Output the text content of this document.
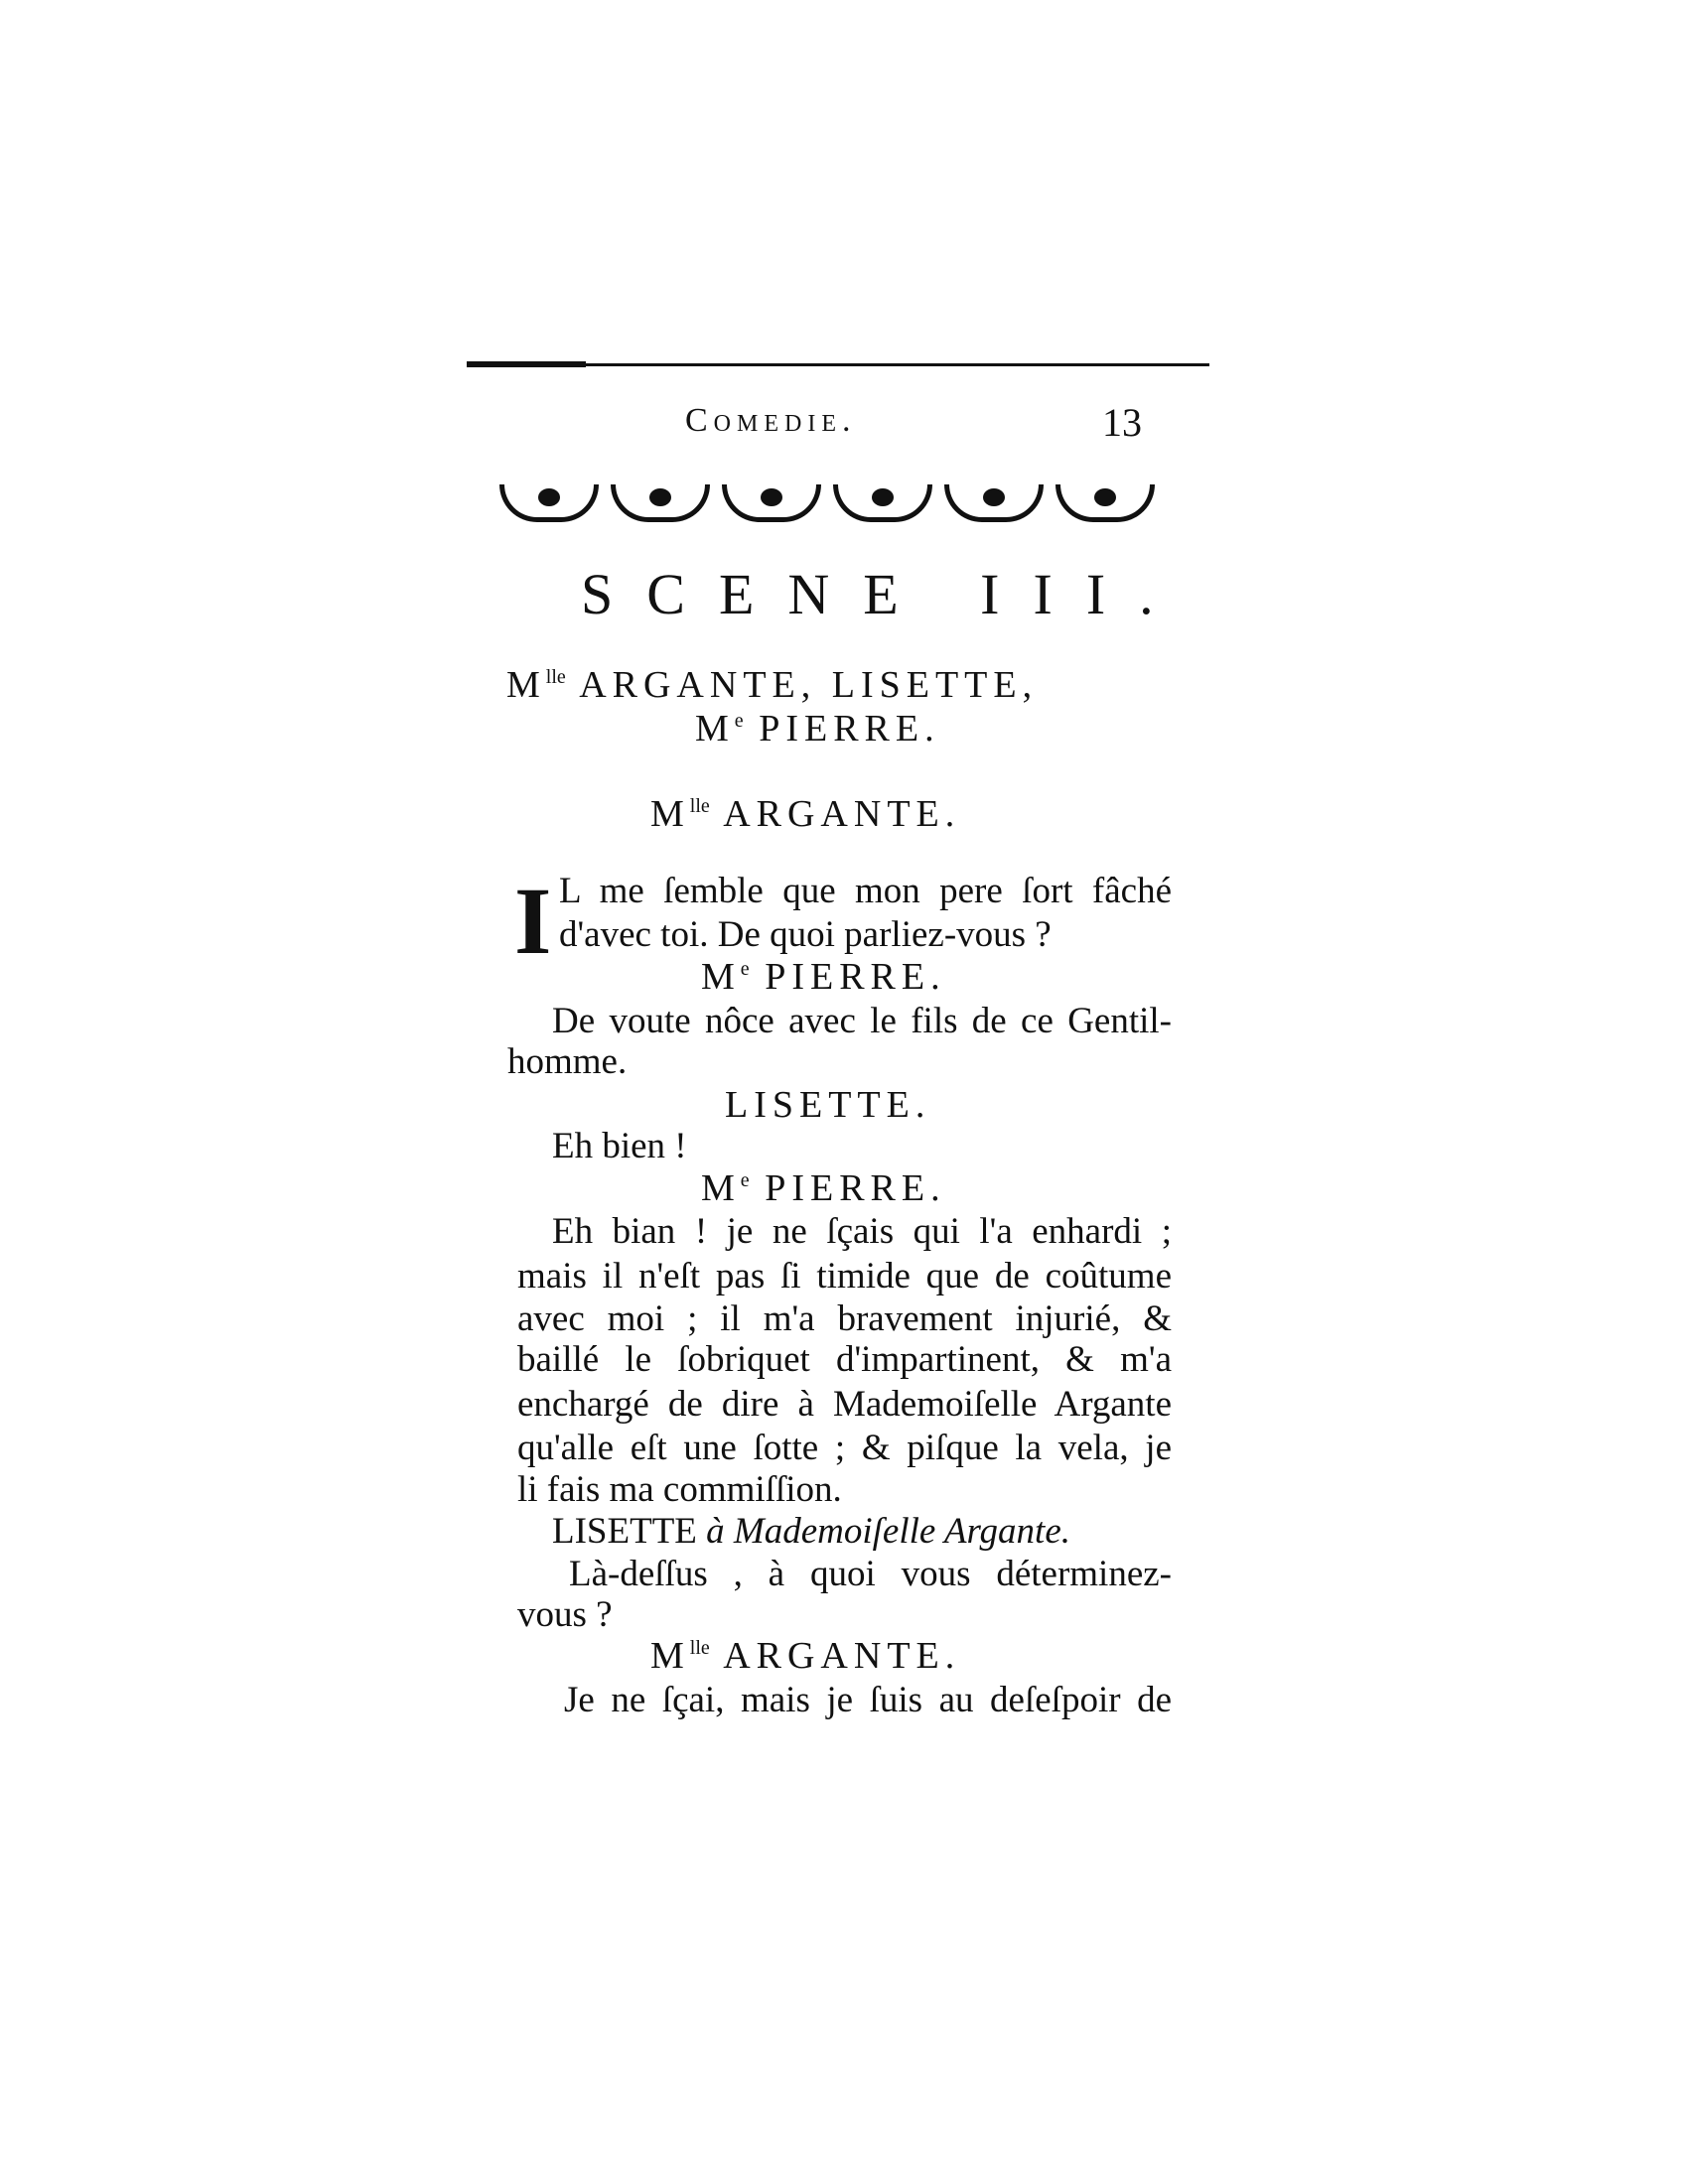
Comedie.	13
SCENE III.
$M^{lle}$ ARGANTE, LISETTE,
Me PIERRE.
$M^{lle}$ ARGANTE.
I L me ſemble que mon pere ſort fâché
d'avec toi. De quoi parliez-vous ?
Me PIERRE.
De voute nôce avec le fils de ce Gentil-
homme.
LISETTE.
Eh bien !
Me PIERRE.
Eh bian ! je ne ſçais qui l'a enhardi ;
mais il n'eſt pas ſi timide que de coûtume
avec moi ; il m'a bravement injurié, &
baillé le ſobriquet d'impartinent, & m'a
enchargé de dire à Mademoiſelle Argante
qu'alle eſt une ſotte ; & piſque la vela, je
li fais ma commiſſion.
LISETTE à Mademoiſelle Argante.
Là-deſſus , à quoi vous déterminez-
vous ?
$M^{lle}$ ARGANTE.
Je ne ſçai, mais je ſuis au deſeſpoir de
